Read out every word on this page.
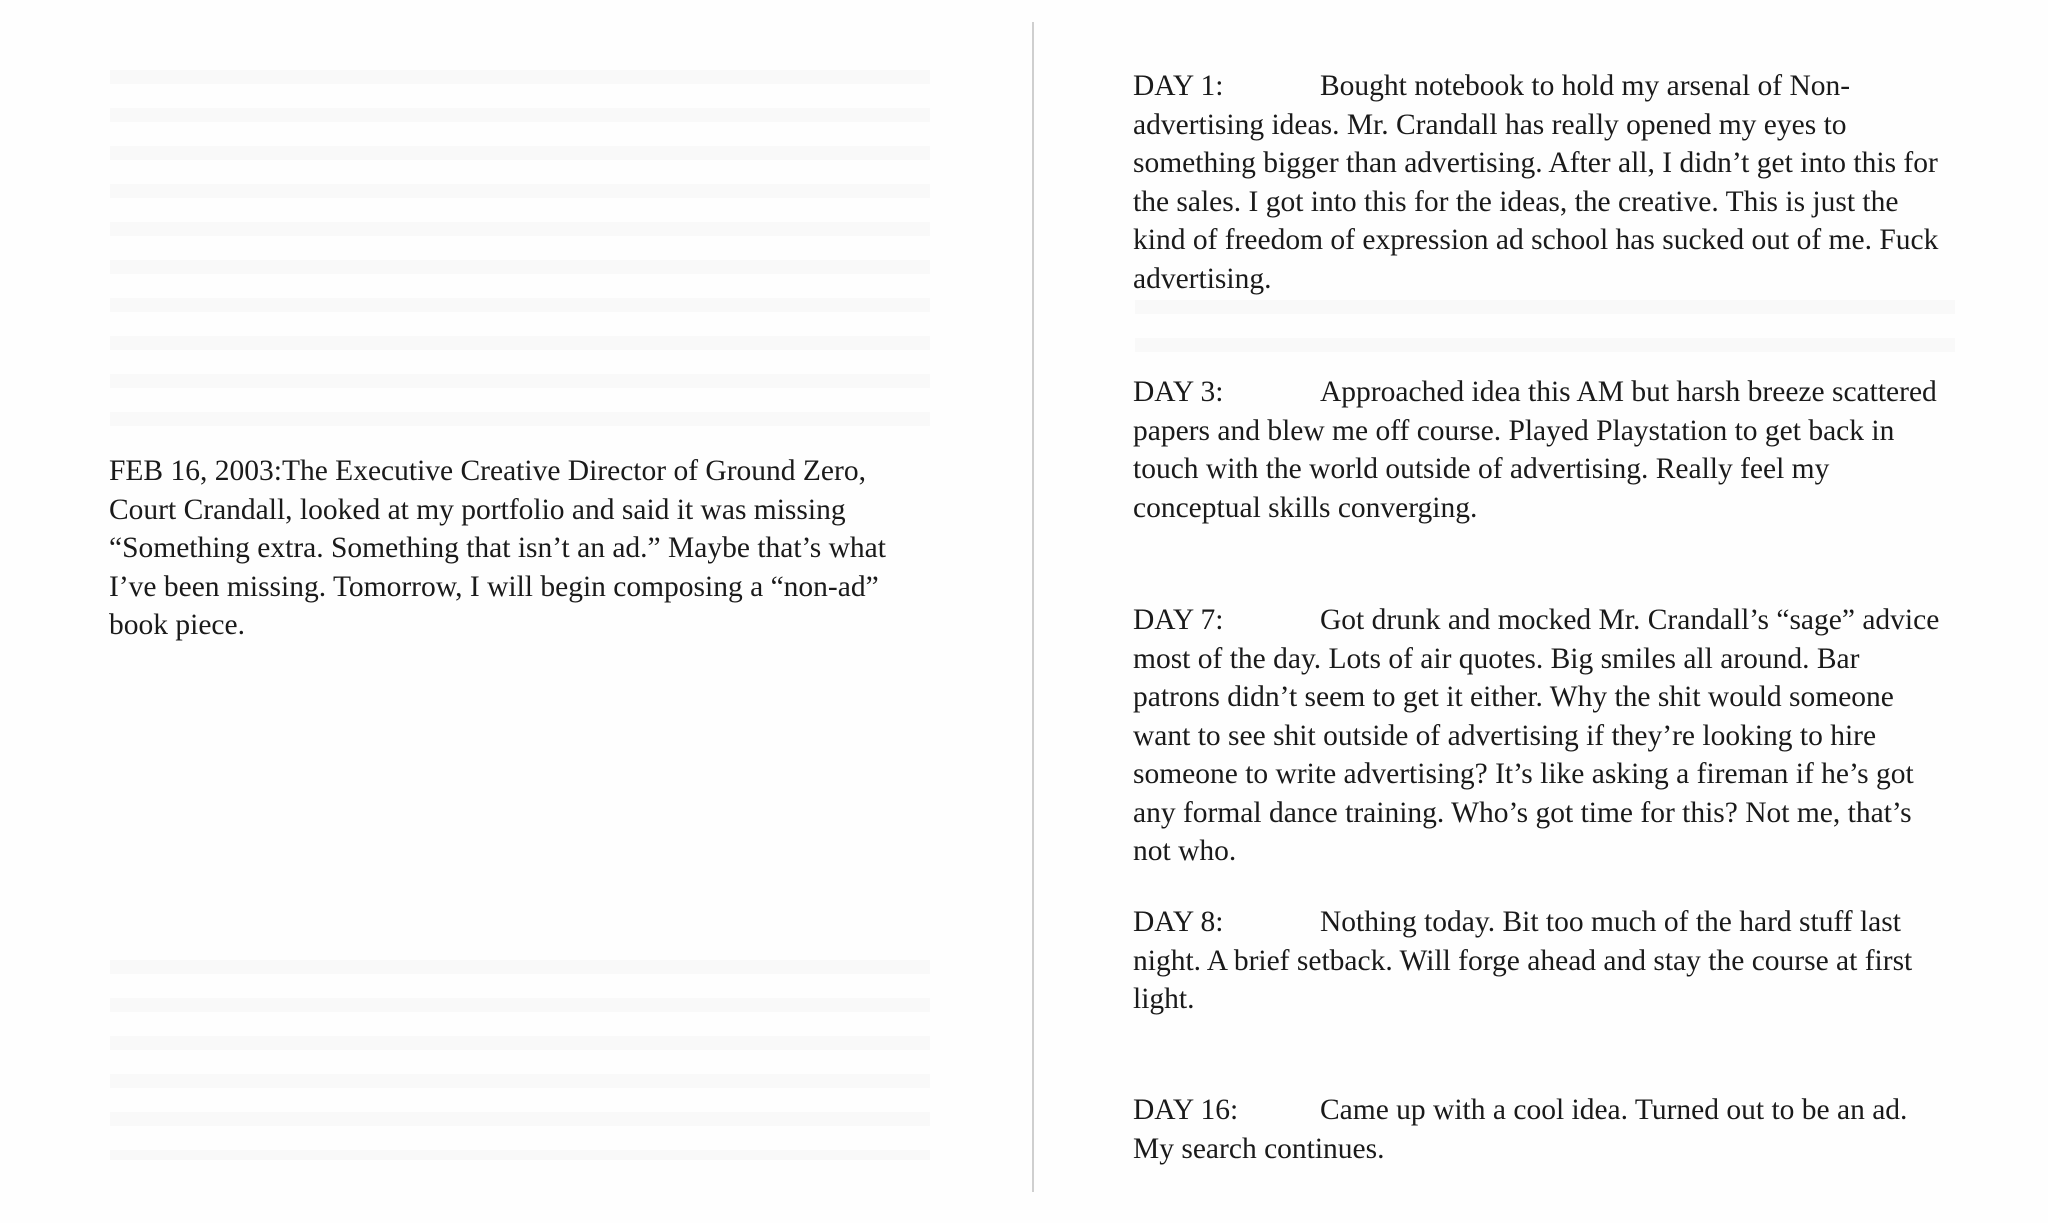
FEB 16, 2003:The Executive Creative Director of Ground Zero, Court Crandall, looked at my portfolio and said it was missing “Something extra. Something that isn’t an ad.” Maybe that’s what I’ve been missing. Tomorrow, I will begin composing a “non-ad” book piece.

DAY 1:	Bought notebook to hold my arsenal of Non-advertising ideas. Mr. Crandall has really opened my eyes to something bigger than advertising. After all, I didn’t get into this for the sales. I got into this for the ideas, the creative. This is just the kind of freedom of expression ad school has sucked out of me. Fuck advertising.

DAY 3:	Approached idea this AM but harsh breeze scattered papers and blew me off course. Played Playstation to get back in touch with the world outside of advertising. Really feel my conceptual skills converging.

DAY 7:	Got drunk and mocked Mr. Crandall’s “sage” advice most of the day. Lots of air quotes. Big smiles all around. Bar patrons didn’t seem to get it either. Why the shit would someone want to see shit outside of advertising if they’re looking to hire someone to write advertising? It’s like asking a fireman if he’s got any formal dance training. Who’s got time for this? Not me, that’s not who.

DAY 8:	Nothing today. Bit too much of the hard stuff last night. A brief setback. Will forge ahead and stay the course at first light.

DAY 16:	Came up with a cool idea. Turned out to be an ad. My search continues.
